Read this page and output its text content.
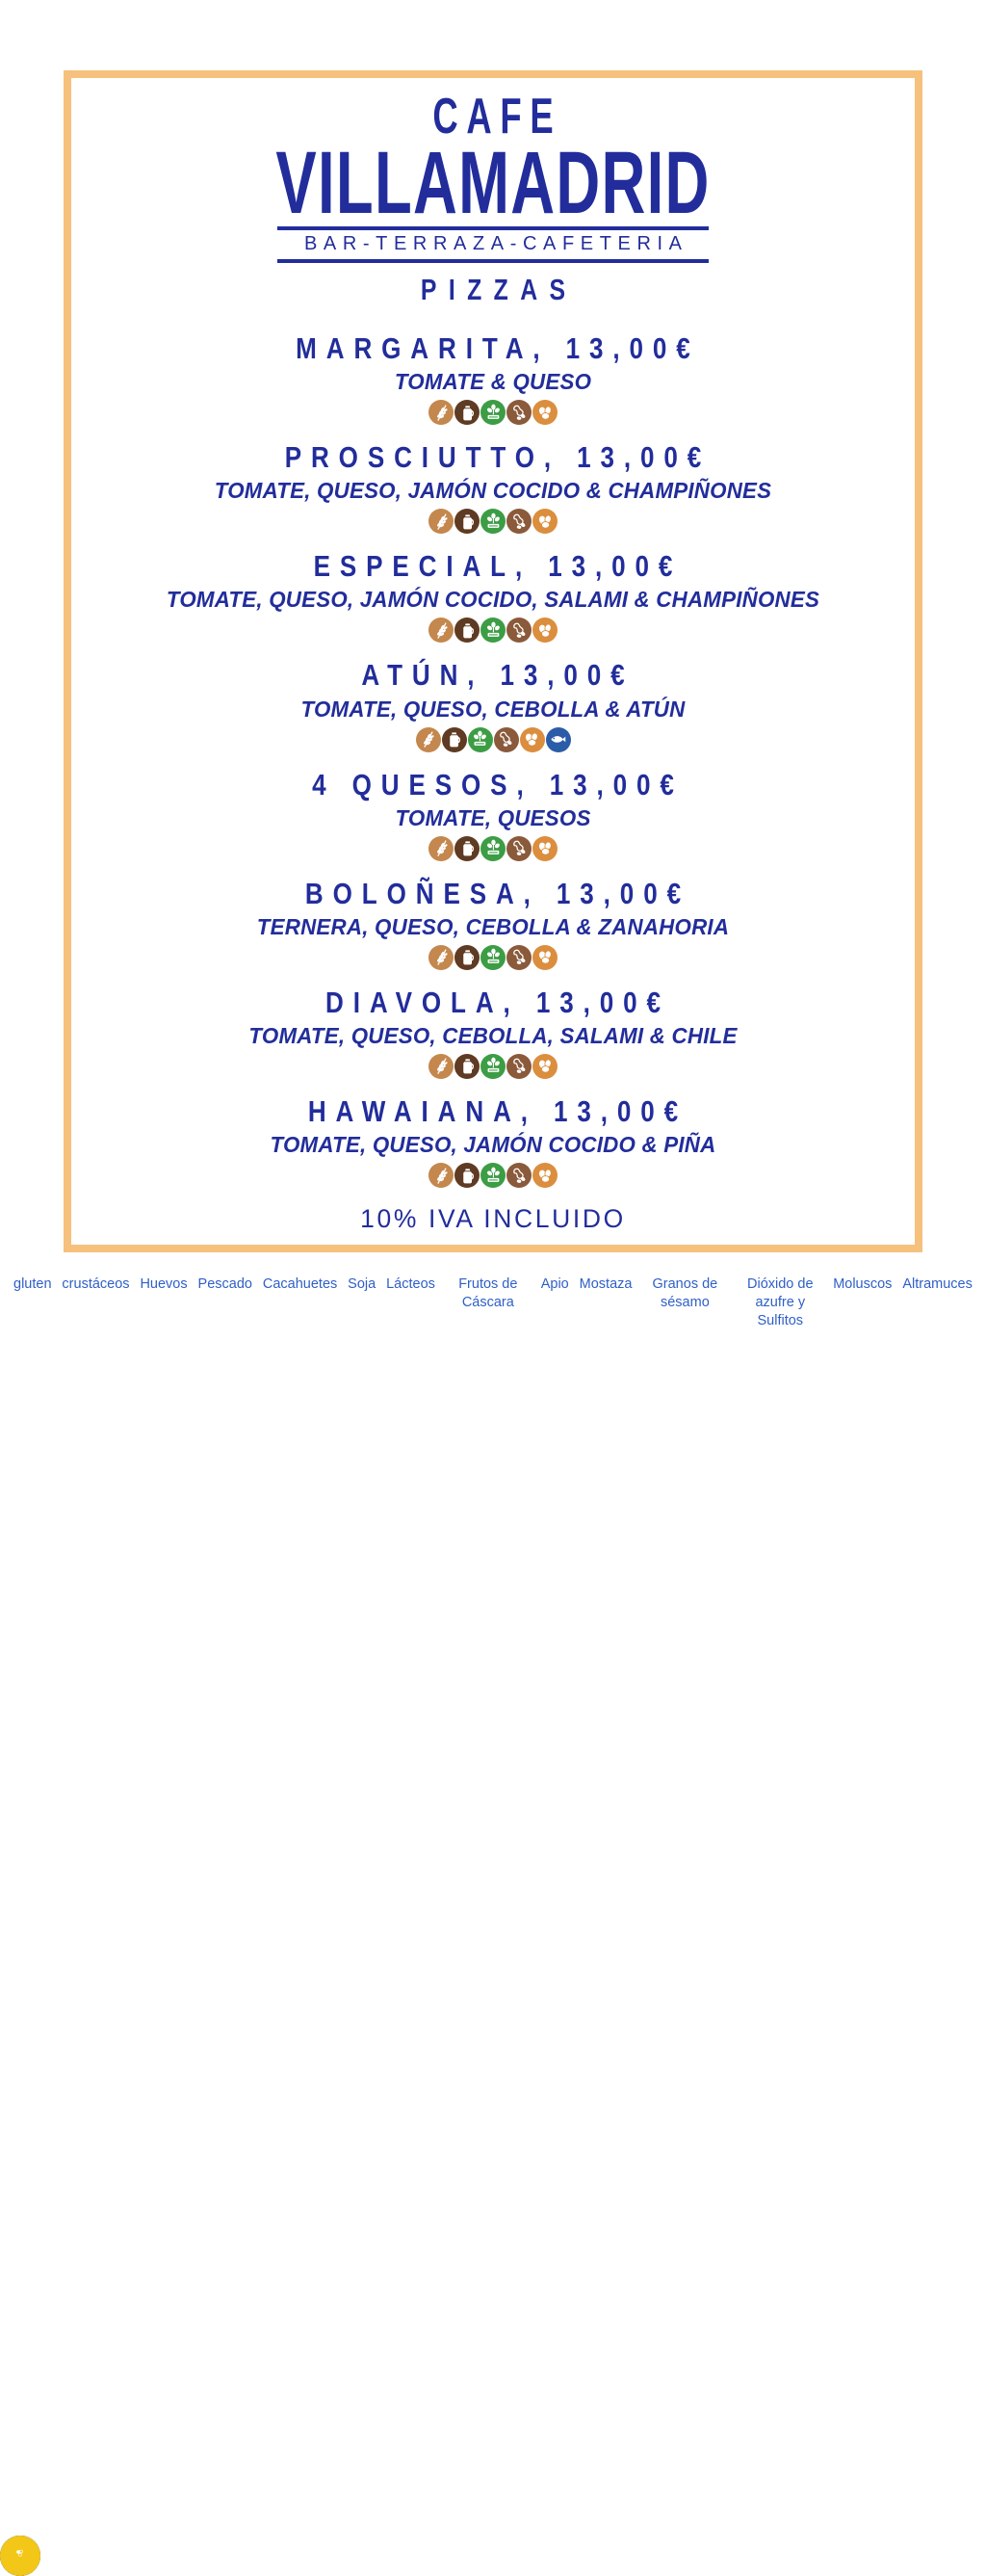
CAFE
VILLAMADRID
BAR-TERRAZA-CAFETERIA
PIZZAS
MARGARITA, 13,00€
TOMATE & QUESO
PROSCIUTTO, 13,00€
TOMATE, QUESO, JAMÓN COCIDO & CHAMPIÑONES
ESPECIAL, 13,00€
TOMATE, QUESO, JAMÓN COCIDO, SALAMI & CHAMPIÑONES
ATÚN, 13,00€
TOMATE, QUESO, CEBOLLA & ATÚN
4 QUESOS, 13,00€
TOMATE, QUESOS
BOLOÑESA, 13,00€
TERNERA, QUESO, CEBOLLA & ZANAHORIA
DIAVOLA, 13,00€
TOMATE, QUESO, CEBOLLA, SALAMI & CHILE
HAWAIANA, 13,00€
TOMATE, QUESO, JAMÓN COCIDO & PIÑA
10% IVA INCLUIDO
gluten crustáceos Huevos Pescado Cacahuetes Soja Lácteos	Frutos de Cáscara
Apio Mostaza	Granos de sésamo
Dióxido de azufre y Sulfitos
Moluscos Altramuces
